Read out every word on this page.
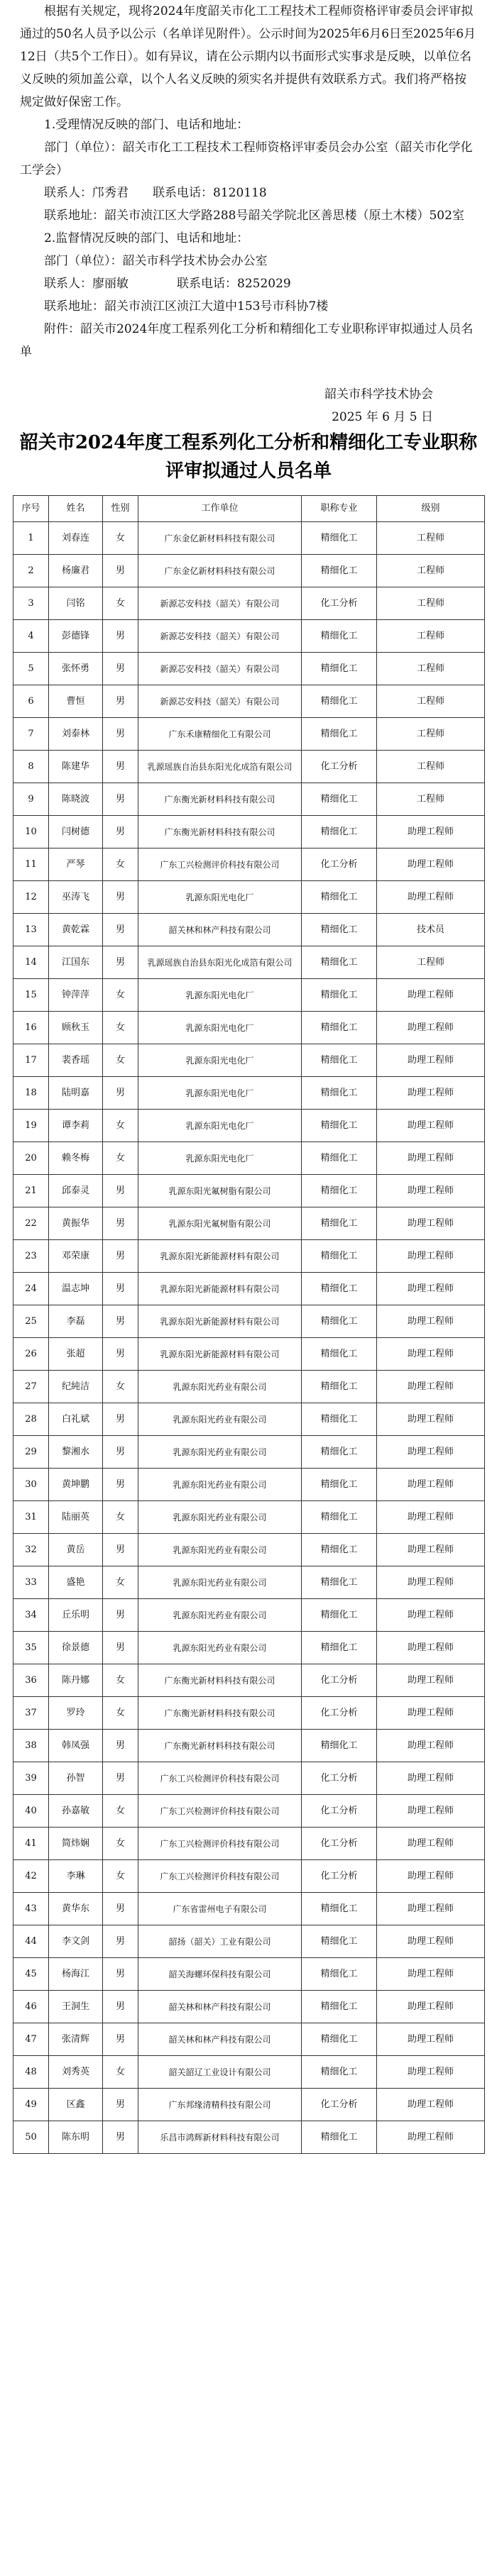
根据有关规定，现将2024年度韶关市化工工程技术工程师资格评审委员会评审拟通过的50名人员予以公示（名单详见附件）。公示时间为2025年6月6日至2025年6月12日（共5个工作日）。如有异议，请在公示期内以书面形式实事求是反映，以单位名义反映的须加盖公章，以个人名义反映的须实名并提供有效联系方式。我们将严格按规定做好保密工作。

1.受理情况反映的部门、电话和地址：

部门（单位）：韶关市化工工程技术工程师资格评审委员会办公室（韶关市化学化工学会）

联系人：邝秀君　　联系电话：8120118

联系地址：韶关市浈江区大学路288号韶关学院北区善思楼（原土木楼）502室

2.监督情况反映的部门、电话和地址：

部门（单位）：韶关市科学技术协会办公室

联系人：廖丽敏　　　　联系电话：8252029

联系地址：韶关市浈江区浈江大道中153号市科协7楼

附件：韶关市2024年度工程系列化工分析和精细化工专业职称评审拟通过人员名单

韶关市科学技术协会
2025 年 6 月 5 日
韶关市2024年度工程系列化工分析和精细化工专业职称评审拟通过人员名单
序号	姓名	性别	工作单位	职称专业	级别
1	刘春连	女	广东金亿新材料科技有限公司	精细化工	工程师
2	杨廉君	男	广东金亿新材料科技有限公司	精细化工	工程师
3	闫铭	女	新源芯安科技（韶关）有限公司	化工分析	工程师
4	彭德锋	男	新源芯安科技（韶关）有限公司	精细化工	工程师
5	张怀勇	男	新源芯安科技（韶关）有限公司	精细化工	工程师
6	曹恒	男	新源芯安科技（韶关）有限公司	精细化工	工程师
7	刘泰林	男	广东禾康精细化工有限公司	精细化工	工程师
8	陈建华	男	乳源瑶族自治县东阳光化成箔有限公司	化工分析	工程师
9	陈晓波	男	广东衡光新材料科技有限公司	精细化工	工程师
10	闫树德	男	广东衡光新材料科技有限公司	精细化工	助理工程师
11	严琴	女	广东工兴检测评价科技有限公司	化工分析	助理工程师
12	巫涛飞	男	乳源东阳光电化厂	精细化工	助理工程师
13	黄乾霖	男	韶关林和林产科技有限公司	精细化工	技术员
14	江国东	男	乳源瑶族自治县东阳光化成箔有限公司	精细化工	工程师
15	钟萍萍	女	乳源东阳光电化厂	精细化工	助理工程师
16	顾秋玉	女	乳源东阳光电化厂	精细化工	助理工程师
17	裴香瑶	女	乳源东阳光电化厂	精细化工	助理工程师
18	陆明嘉	男	乳源东阳光电化厂	精细化工	助理工程师
19	谭李莉	女	乳源东阳光电化厂	精细化工	助理工程师
20	赖冬梅	女	乳源东阳光电化厂	精细化工	助理工程师
21	邱泰灵	男	乳源东阳光氟树脂有限公司	精细化工	助理工程师
22	黄振华	男	乳源东阳光氟树脂有限公司	精细化工	助理工程师
23	邓荣康	男	乳源东阳光新能源材料有限公司	精细化工	助理工程师
24	温志坤	男	乳源东阳光新能源材料有限公司	精细化工	助理工程师
25	李磊	男	乳源东阳光新能源材料有限公司	精细化工	助理工程师
26	张超	男	乳源东阳光新能源材料有限公司	精细化工	助理工程师
27	纪純洁	女	乳源东阳光药业有限公司	精细化工	助理工程师
28	白礼斌	男	乳源东阳光药业有限公司	精细化工	助理工程师
29	黎湘水	男	乳源东阳光药业有限公司	精细化工	助理工程师
30	黄坤鹏	男	乳源东阳光药业有限公司	精细化工	助理工程师
31	陆丽英	女	乳源东阳光药业有限公司	精细化工	助理工程师
32	黄岳	男	乳源东阳光药业有限公司	精细化工	助理工程师
33	盛艳	女	乳源东阳光药业有限公司	精细化工	助理工程师
34	丘乐明	男	乳源东阳光药业有限公司	精细化工	助理工程师
35	徐景德	男	乳源东阳光药业有限公司	精细化工	助理工程师
36	陈丹娜	女	广东衡光新材料科技有限公司	化工分析	助理工程师
37	罗玲	女	广东衡光新材料科技有限公司	化工分析	助理工程师
38	韩凤强	男	广东衡光新材料科技有限公司	精细化工	助理工程师
39	孙智	男	广东工兴检测评价科技有限公司	化工分析	助理工程师
40	孙嘉敏	女	广东工兴检测评价科技有限公司	化工分析	助理工程师
41	简炜娴	女	广东工兴检测评价科技有限公司	化工分析	助理工程师
42	李琳	女	广东工兴检测评价科技有限公司	化工分析	助理工程师
43	黄华东	男	广东省雷州电子有限公司	精细化工	助理工程师
44	李文剑	男	韶扬（韶关）工业有限公司	精细化工	助理工程师
45	杨海江	男	韶关海螺环保科技有限公司	精细化工	助理工程师
46	王洞生	男	韶关林和林产科技有限公司	精细化工	助理工程师
47	张清辉	男	韶关林和林产科技有限公司	精细化工	助理工程师
48	刘秀英	女	韶关韶辽工业设计有限公司	精细化工	助理工程师
49	区鑫	男	广东邦缘清精科技有限公司	化工分析	助理工程师
50	陈东明	男	乐昌市鸿辉新材料科技有限公司	精细化工	助理工程师
